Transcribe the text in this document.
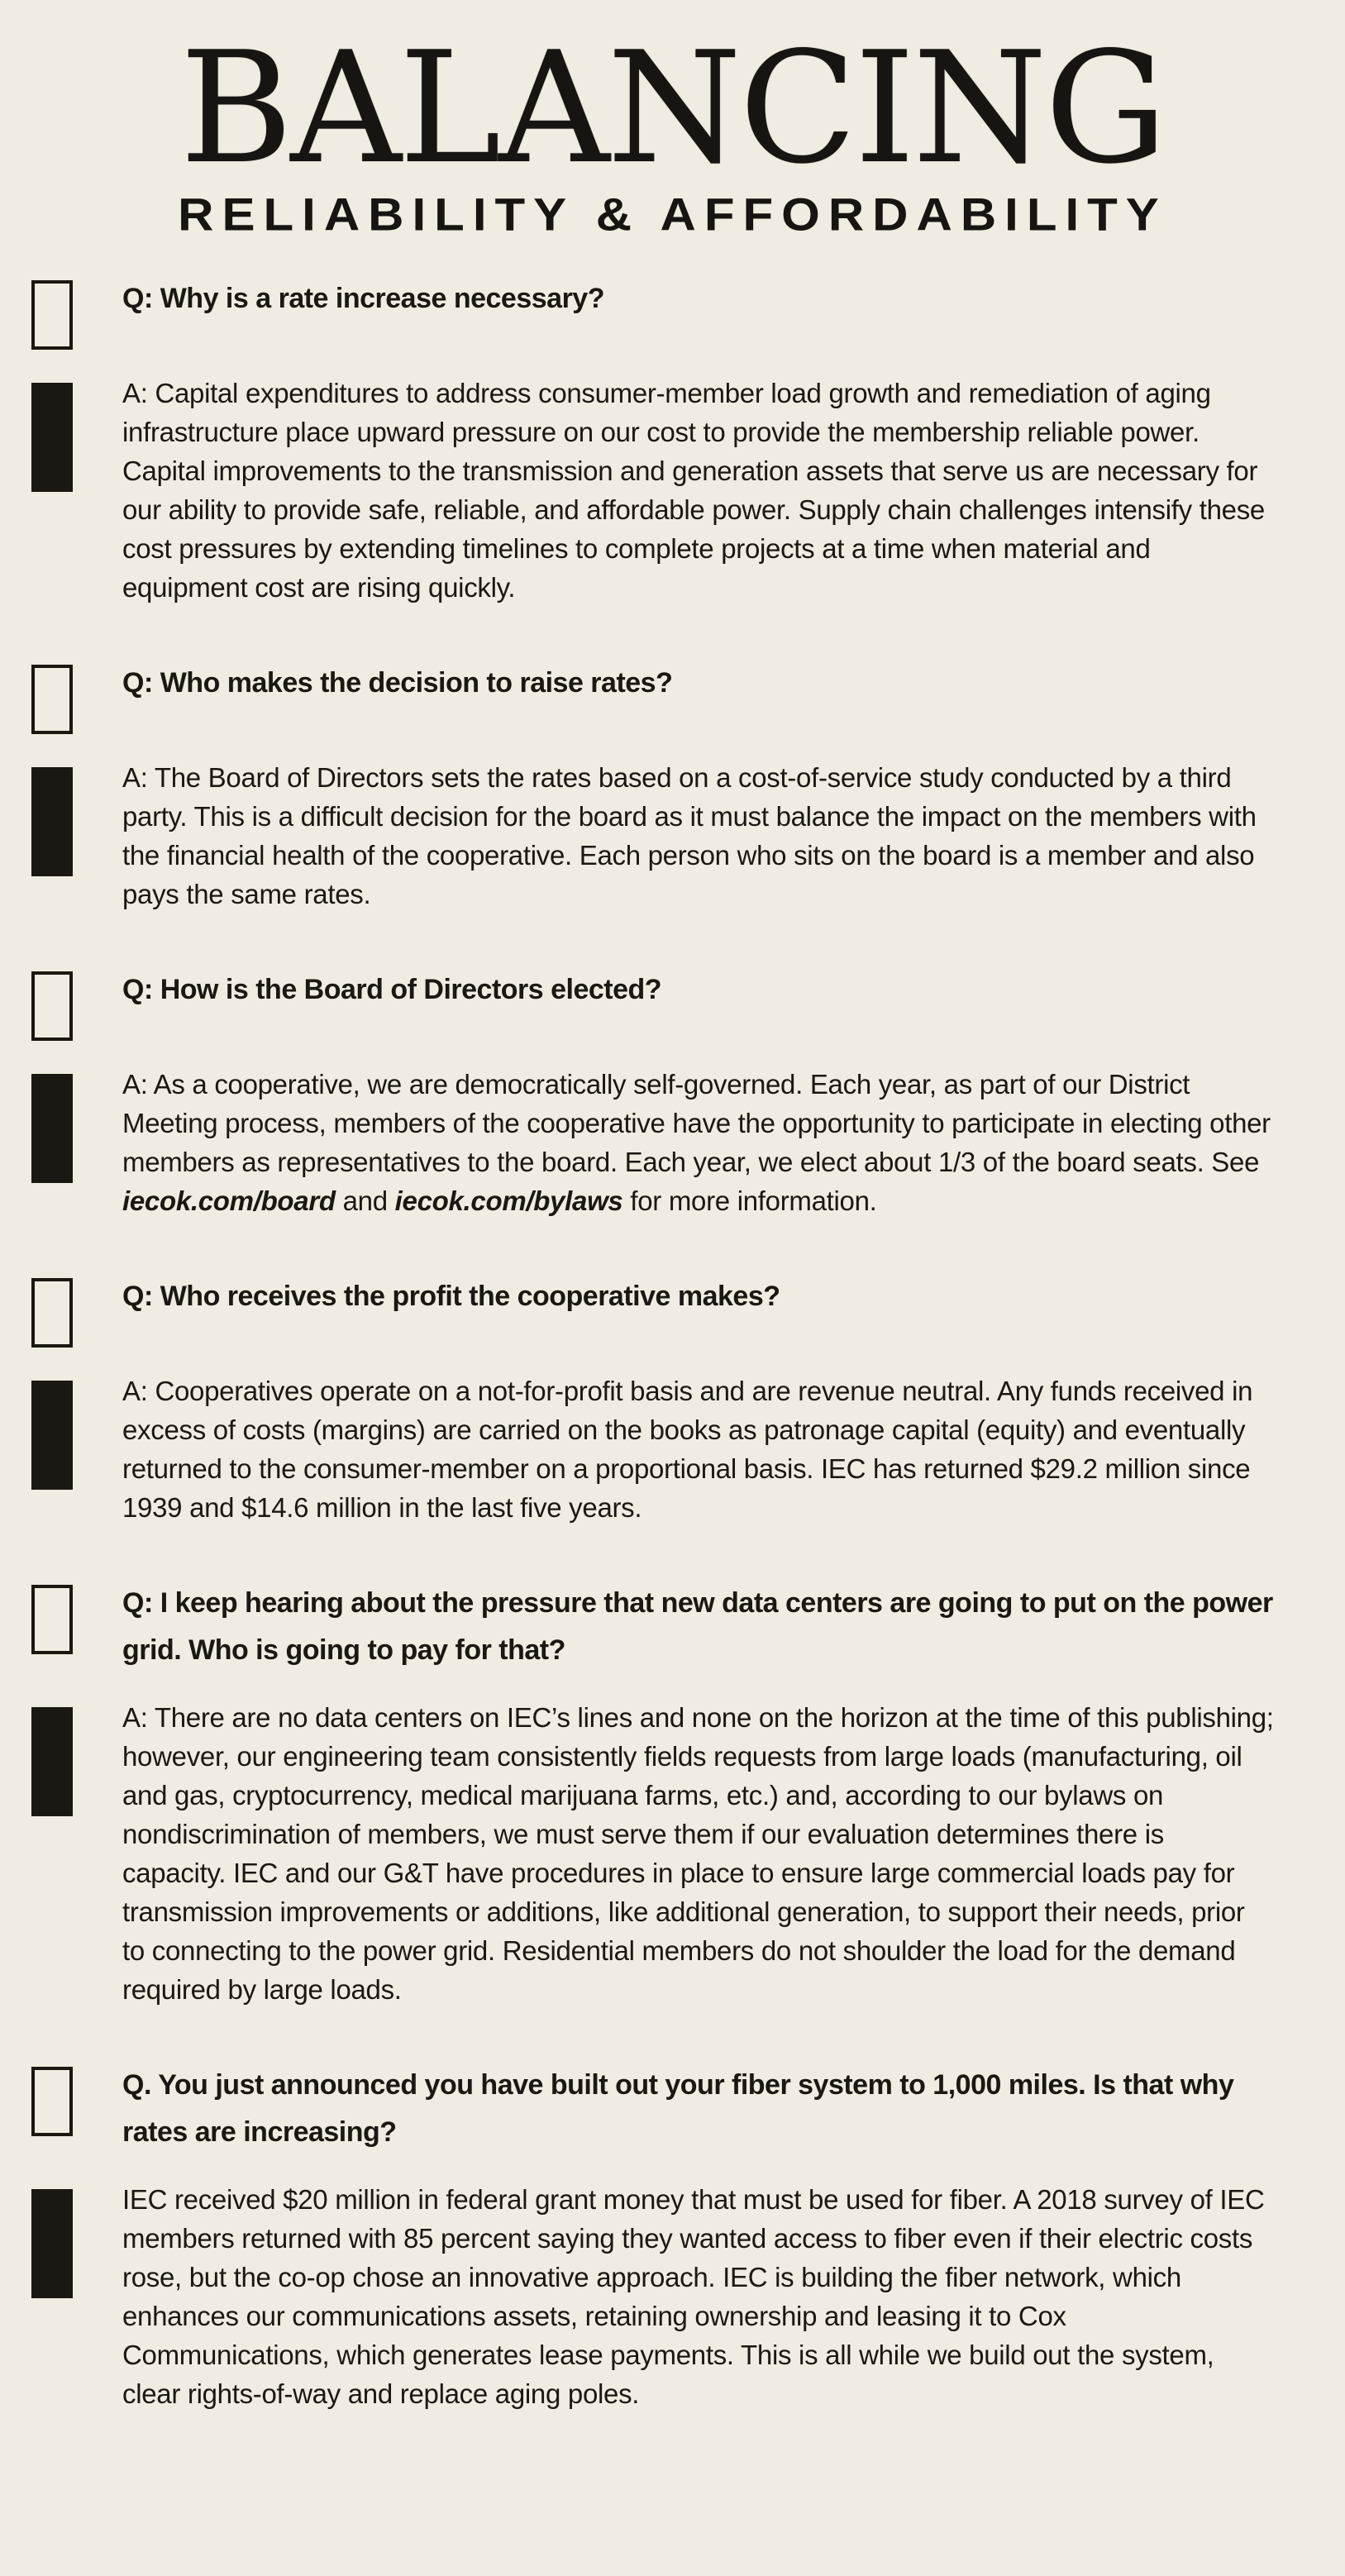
BALANCING
RELIABILITY & AFFORDABILITY
Q: Why is a rate increase necessary?
A: Capital expenditures to address consumer-member load growth and remediation of aging infrastructure place upward pressure on our cost to provide the membership reliable power. Capital improvements to the transmission and generation assets that serve us are necessary for our ability to provide safe, reliable, and affordable power. Supply chain challenges intensify these cost pressures by extending timelines to complete projects at a time when material and equipment cost are rising quickly.
Q: Who makes the decision to raise rates?
A: The Board of Directors sets the rates based on a cost-of-service study conducted by a third party. This is a difficult decision for the board as it must balance the impact on the members with the financial health of the cooperative. Each person who sits on the board is a member and also pays the same rates.
Q: How is the Board of Directors elected?
A: As a cooperative, we are democratically self-governed. Each year, as part of our District Meeting process, members of the cooperative have the opportunity to participate in electing other members as representatives to the board. Each year, we elect about 1/3 of the board seats. See iecok.com/board and iecok.com/bylaws for more information.
Q: Who receives the profit the cooperative makes?
A: Cooperatives operate on a not-for-profit basis and are revenue neutral. Any funds received in excess of costs (margins) are carried on the books as patronage capital (equity) and eventually returned to the consumer-member on a proportional basis. IEC has returned $29.2 million since 1939 and $14.6 million in the last five years.
Q: I keep hearing about the pressure that new data centers are going to put on the power grid. Who is going to pay for that?
A: There are no data centers on IEC’s lines and none on the horizon at the time of this publishing; however, our engineering team consistently fields requests from large loads (manufacturing, oil and gas, cryptocurrency, medical marijuana farms, etc.) and, according to our bylaws on nondiscrimination of members, we must serve them if our evaluation determines there is capacity. IEC and our G&T have procedures in place to ensure large commercial loads pay for transmission improvements or additions, like additional generation, to support their needs, prior to connecting to the power grid. Residential members do not shoulder the load for the demand required by large loads.
Q. You just announced you have built out your fiber system to 1,000 miles. Is that why rates are increasing?
IEC received $20 million in federal grant money that must be used for fiber. A 2018 survey of IEC members returned with 85 percent saying they wanted access to fiber even if their electric costs rose, but the co-op chose an innovative approach. IEC is building the fiber network, which enhances our communications assets, retaining ownership and leasing it to Cox Communications, which generates lease payments. This is all while we build out the system, clear rights-of-way and replace aging poles.
